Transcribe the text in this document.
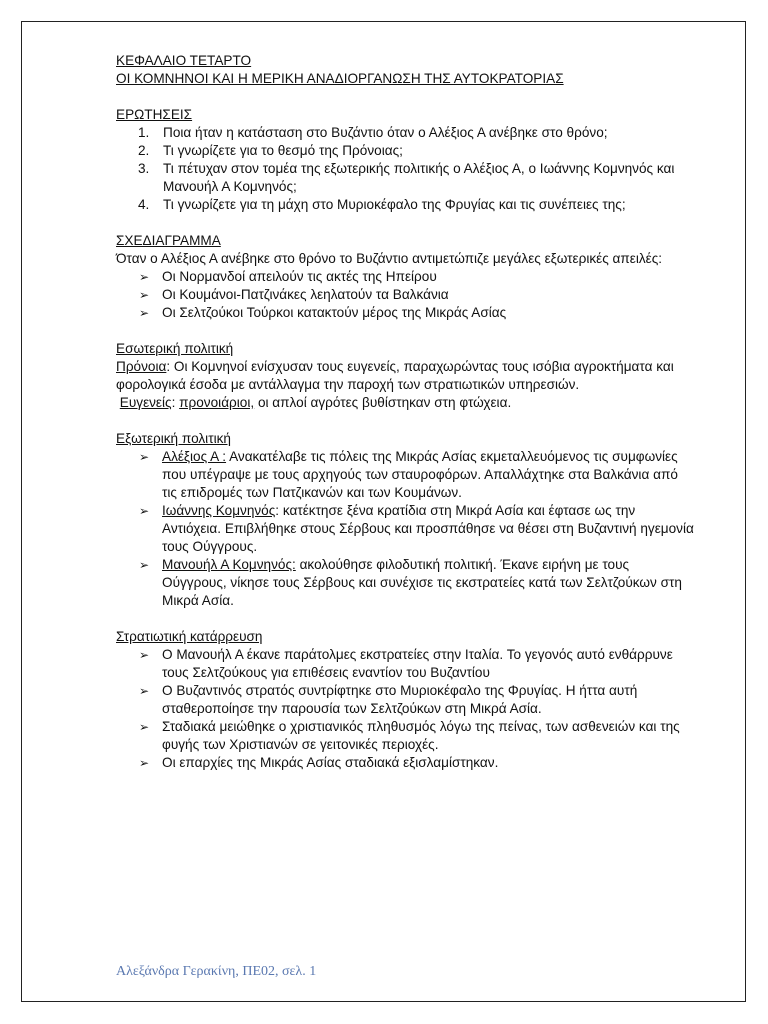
ΚΕΦΑΛΑΙΟ ΤΕΤΑΡΤΟ

ΟΙ ΚΟΜΝΗΝΟΙ ΚΑΙ Η ΜΕΡΙΚΗ ΑΝΑΔΙΟΡΓΑΝΩΣΗ ΤΗΣ ΑΥΤΟΚΡΑΤΟΡΙΑΣ

ΕΡΩΤΗΣΕΙΣ

1. Ποια ήταν η κατάσταση στο Βυζάντιο όταν ο Αλέξιος Α ανέβηκε στο θρόνο;
2. Τι γνωρίζετε για το θεσμό της Πρόνοιας;
3. Τι πέτυχαν στον τομέα της εξωτερικής πολιτικής ο Αλέξιος Α, ο Ιωάννης Κομνηνός και Μανουήλ Α Κομνηνός;
4. Τι γνωρίζετε για τη μάχη στο Μυριοκέφαλο της Φρυγίας και τις συνέπειες της;

ΣΧΕΔΙΑΓΡΑΜΜΑ

Όταν ο Αλέξιος Α ανέβηκε στο θρόνο το Βυζάντιο αντιμετώπιζε μεγάλες εξωτερικές απειλές:

➢ Οι Νορμανδοί απειλούν τις ακτές της Ηπείρου
➢ Οι Κουμάνοι-Πατζινάκες λεηλατούν τα Βαλκάνια
➢ Οι Σελτζούκοι Τούρκοι κατακτούν μέρος της Μικράς Ασίας

Εσωτερική πολιτική

Πρόνοια: Οι Κομνηνοί ενίσχυσαν τους ευγενείς, παραχωρώντας τους ισόβια αγροκτήματα και φορολογικά έσοδα με αντάλλαγμα την παροχή των στρατιωτικών υπηρεσιών.

Ευγενείς: προνοιάριοι, οι απλοί αγρότες βυθίστηκαν στη φτώχεια.

Εξωτερική πολιτική

➢ Αλέξιος Α : Ανακατέλαβε τις πόλεις της Μικράς Ασίας εκμεταλλευόμενος τις συμφωνίες που υπέγραψε με τους αρχηγούς των σταυροφόρων. Απαλλάχτηκε στα Βαλκάνια από τις επιδρομές των Πατζικανών και των Κουμάνων.
➢ Ιωάννης Κομνηνός: κατέκτησε ξένα κρατίδια στη Μικρά Ασία και έφτασε ως την Αντιόχεια. Επιβλήθηκε στους Σέρβους και προσπάθησε να θέσει στη Βυζαντινή ηγεμονία τους Ούγγρους.
➢ Μανουήλ Α Κομνηνός: ακολούθησε φιλοδυτική πολιτική. Έκανε ειρήνη με τους Ούγγρους, νίκησε τους Σέρβους και συνέχισε τις εκστρατείες κατά των Σελτζούκων στη Μικρά Ασία.

Στρατιωτική κατάρρευση

➢ Ο Μανουήλ Α έκανε παράτολμες εκστρατείες στην Ιταλία. Το γεγονός αυτό ενθάρρυνε τους Σελτζούκους για επιθέσεις εναντίον του Βυζαντίου
➢ Ο Βυζαντινός στρατός συντρίφτηκε στο Μυριοκέφαλο της Φρυγίας. Η ήττα αυτή σταθεροποίησε την παρουσία των Σελτζούκων στη Μικρά Ασία.
➢ Σταδιακά μειώθηκε ο χριστιανικός πληθυσμός λόγω της πείνας, των ασθενειών και της φυγής των Χριστιανών σε γειτονικές περιοχές.
➢ Οι επαρχίες της Μικράς Ασίας σταδιακά εξισλαμίστηκαν.
Αλεξάνδρα Γερακίνη, ΠΕ02, σελ. 1
